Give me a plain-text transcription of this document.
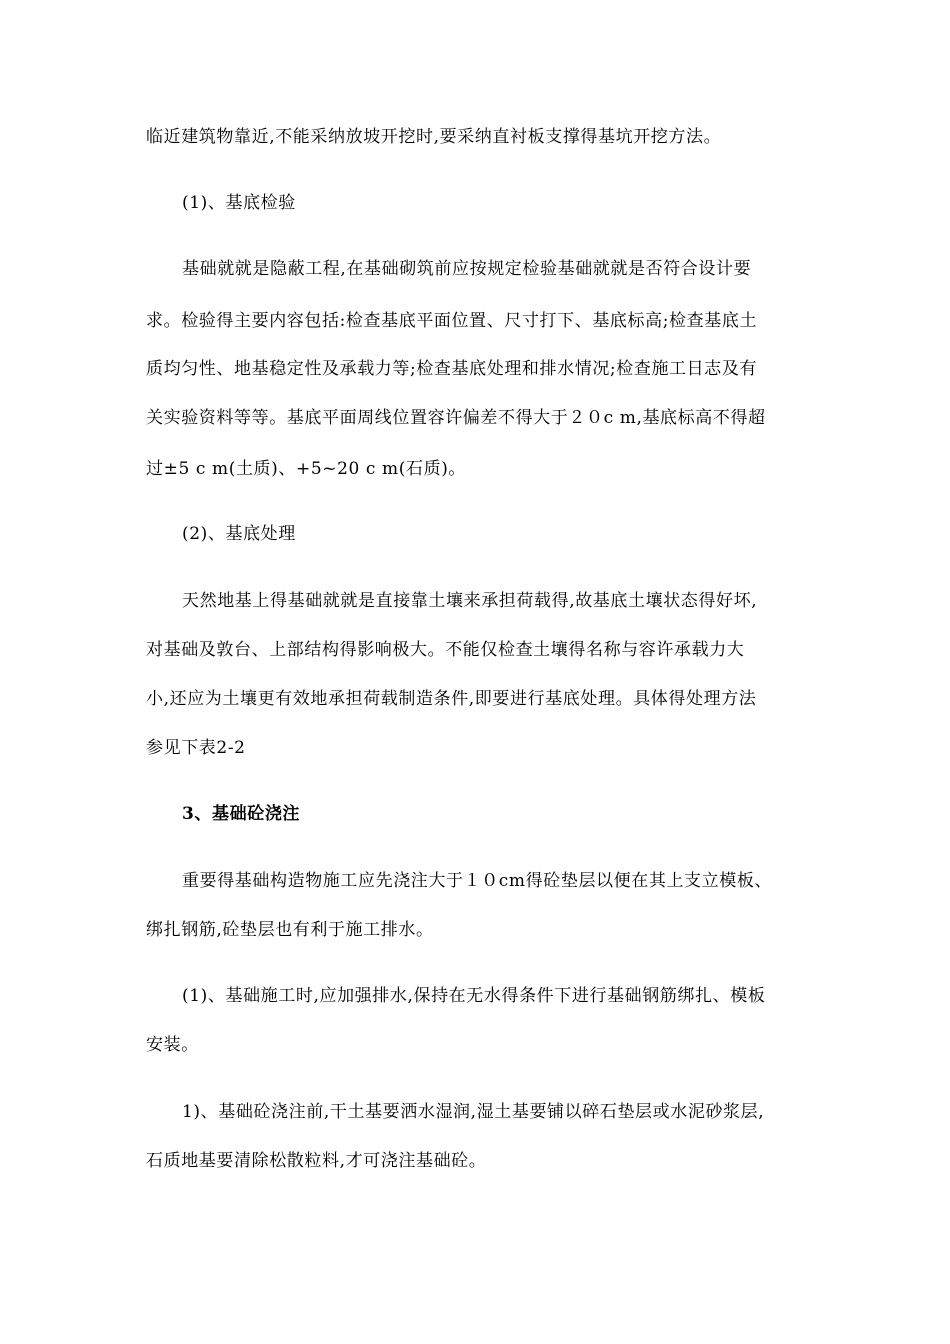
临近建筑物靠近,不能采纳放坡开挖时,要采纳直衬板支撑得基坑开挖方法。
(1)、基底检验
基础就就是隐蔽工程,在基础砌筑前应按规定检验基础就就是否符合设计要
求。检验得主要内容包括:检查基底平面位置、尺寸打下、基底标高;检查基底土
质均匀性、地基稳定性及承载力等;检查基底处理和排水情况;检查施工日志及有
关实验资料等等。基底平面周线位置容许偏差不得大于２０c m,基底标高不得超
过±5 c m(土质)、+5~20 c m(石质)。
(2)、基底处理
天然地基上得基础就就是直接靠土壤来承担荷载得,故基底土壤状态得好坏,
对基础及敦台、上部结构得影响极大。不能仅检查土壤得名称与容许承载力大
小,还应为土壤更有效地承担荷载制造条件,即要进行基底处理。具体得处理方法
参见下表2-2
3、基础砼浇注
重要得基础构造物施工应先浇注大于１０cm得砼垫层以便在其上支立模板、
绑扎钢筋,砼垫层也有利于施工排水。
(1)、基础施工时,应加强排水,保持在无水得条件下进行基础钢筋绑扎、模板
安装。
1)、基础砼浇注前,干土基要洒水湿润,湿土基要铺以碎石垫层或水泥砂浆层,
石质地基要清除松散粒料,才可浇注基础砼。
